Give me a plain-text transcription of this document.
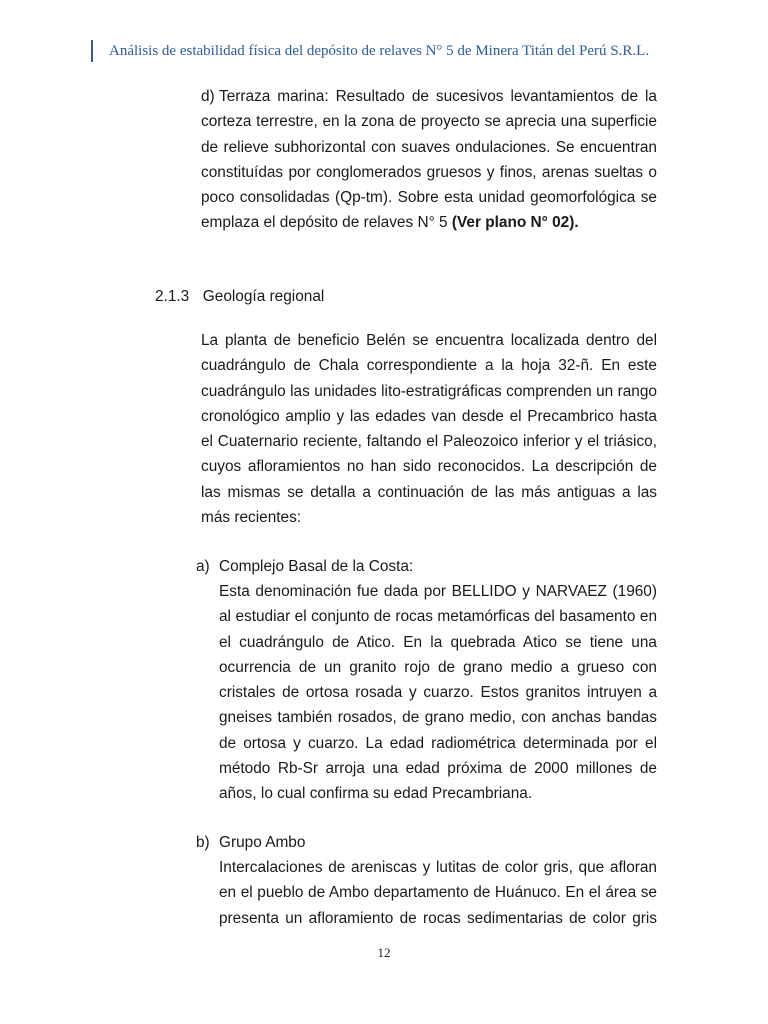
Análisis de estabilidad física del depósito de relaves N° 5 de Minera Titán del Perú S.R.L.
d) Terraza marina: Resultado de sucesivos levantamientos de la corteza terrestre, en la zona de proyecto se aprecia una superficie de relieve subhorizontal con suaves ondulaciones. Se encuentran constituídas por conglomerados gruesos y finos, arenas sueltas o poco consolidadas (Qp-tm). Sobre esta unidad geomorfológica se emplaza el depósito de relaves N° 5 (Ver plano N° 02).
2.1.3 Geología regional
La planta de beneficio Belén se encuentra localizada dentro del cuadrángulo de Chala correspondiente a la hoja 32-ñ. En este cuadrángulo las unidades lito-estratigráficas comprenden un rango cronológico amplio y las edades van desde el Precambrico hasta el Cuaternario reciente, faltando el Paleozoico inferior y el triásico, cuyos afloramientos no han sido reconocidos. La descripción de las mismas se detalla a continuación de las más antiguas a las más recientes:
a) Complejo Basal de la Costa:
Esta denominación fue dada por BELLIDO y NARVAEZ (1960) al estudiar el conjunto de rocas metamórficas del basamento en el cuadrángulo de Atico. En la quebrada Atico se tiene una ocurrencia de un granito rojo de grano medio a grueso con cristales de ortosa rosada y cuarzo. Estos granitos intruyen a gneises también rosados, de grano medio, con anchas bandas de ortosa y cuarzo. La edad radiométrica determinada por el método Rb-Sr arroja una edad próxima de 2000 millones de años, lo cual confirma su edad Precambriana.
b) Grupo Ambo
Intercalaciones de areniscas y lutitas de color gris, que afloran en el pueblo de Ambo departamento de Huánuco. En el área se presenta un afloramiento de rocas sedimentarias de color gris
12
